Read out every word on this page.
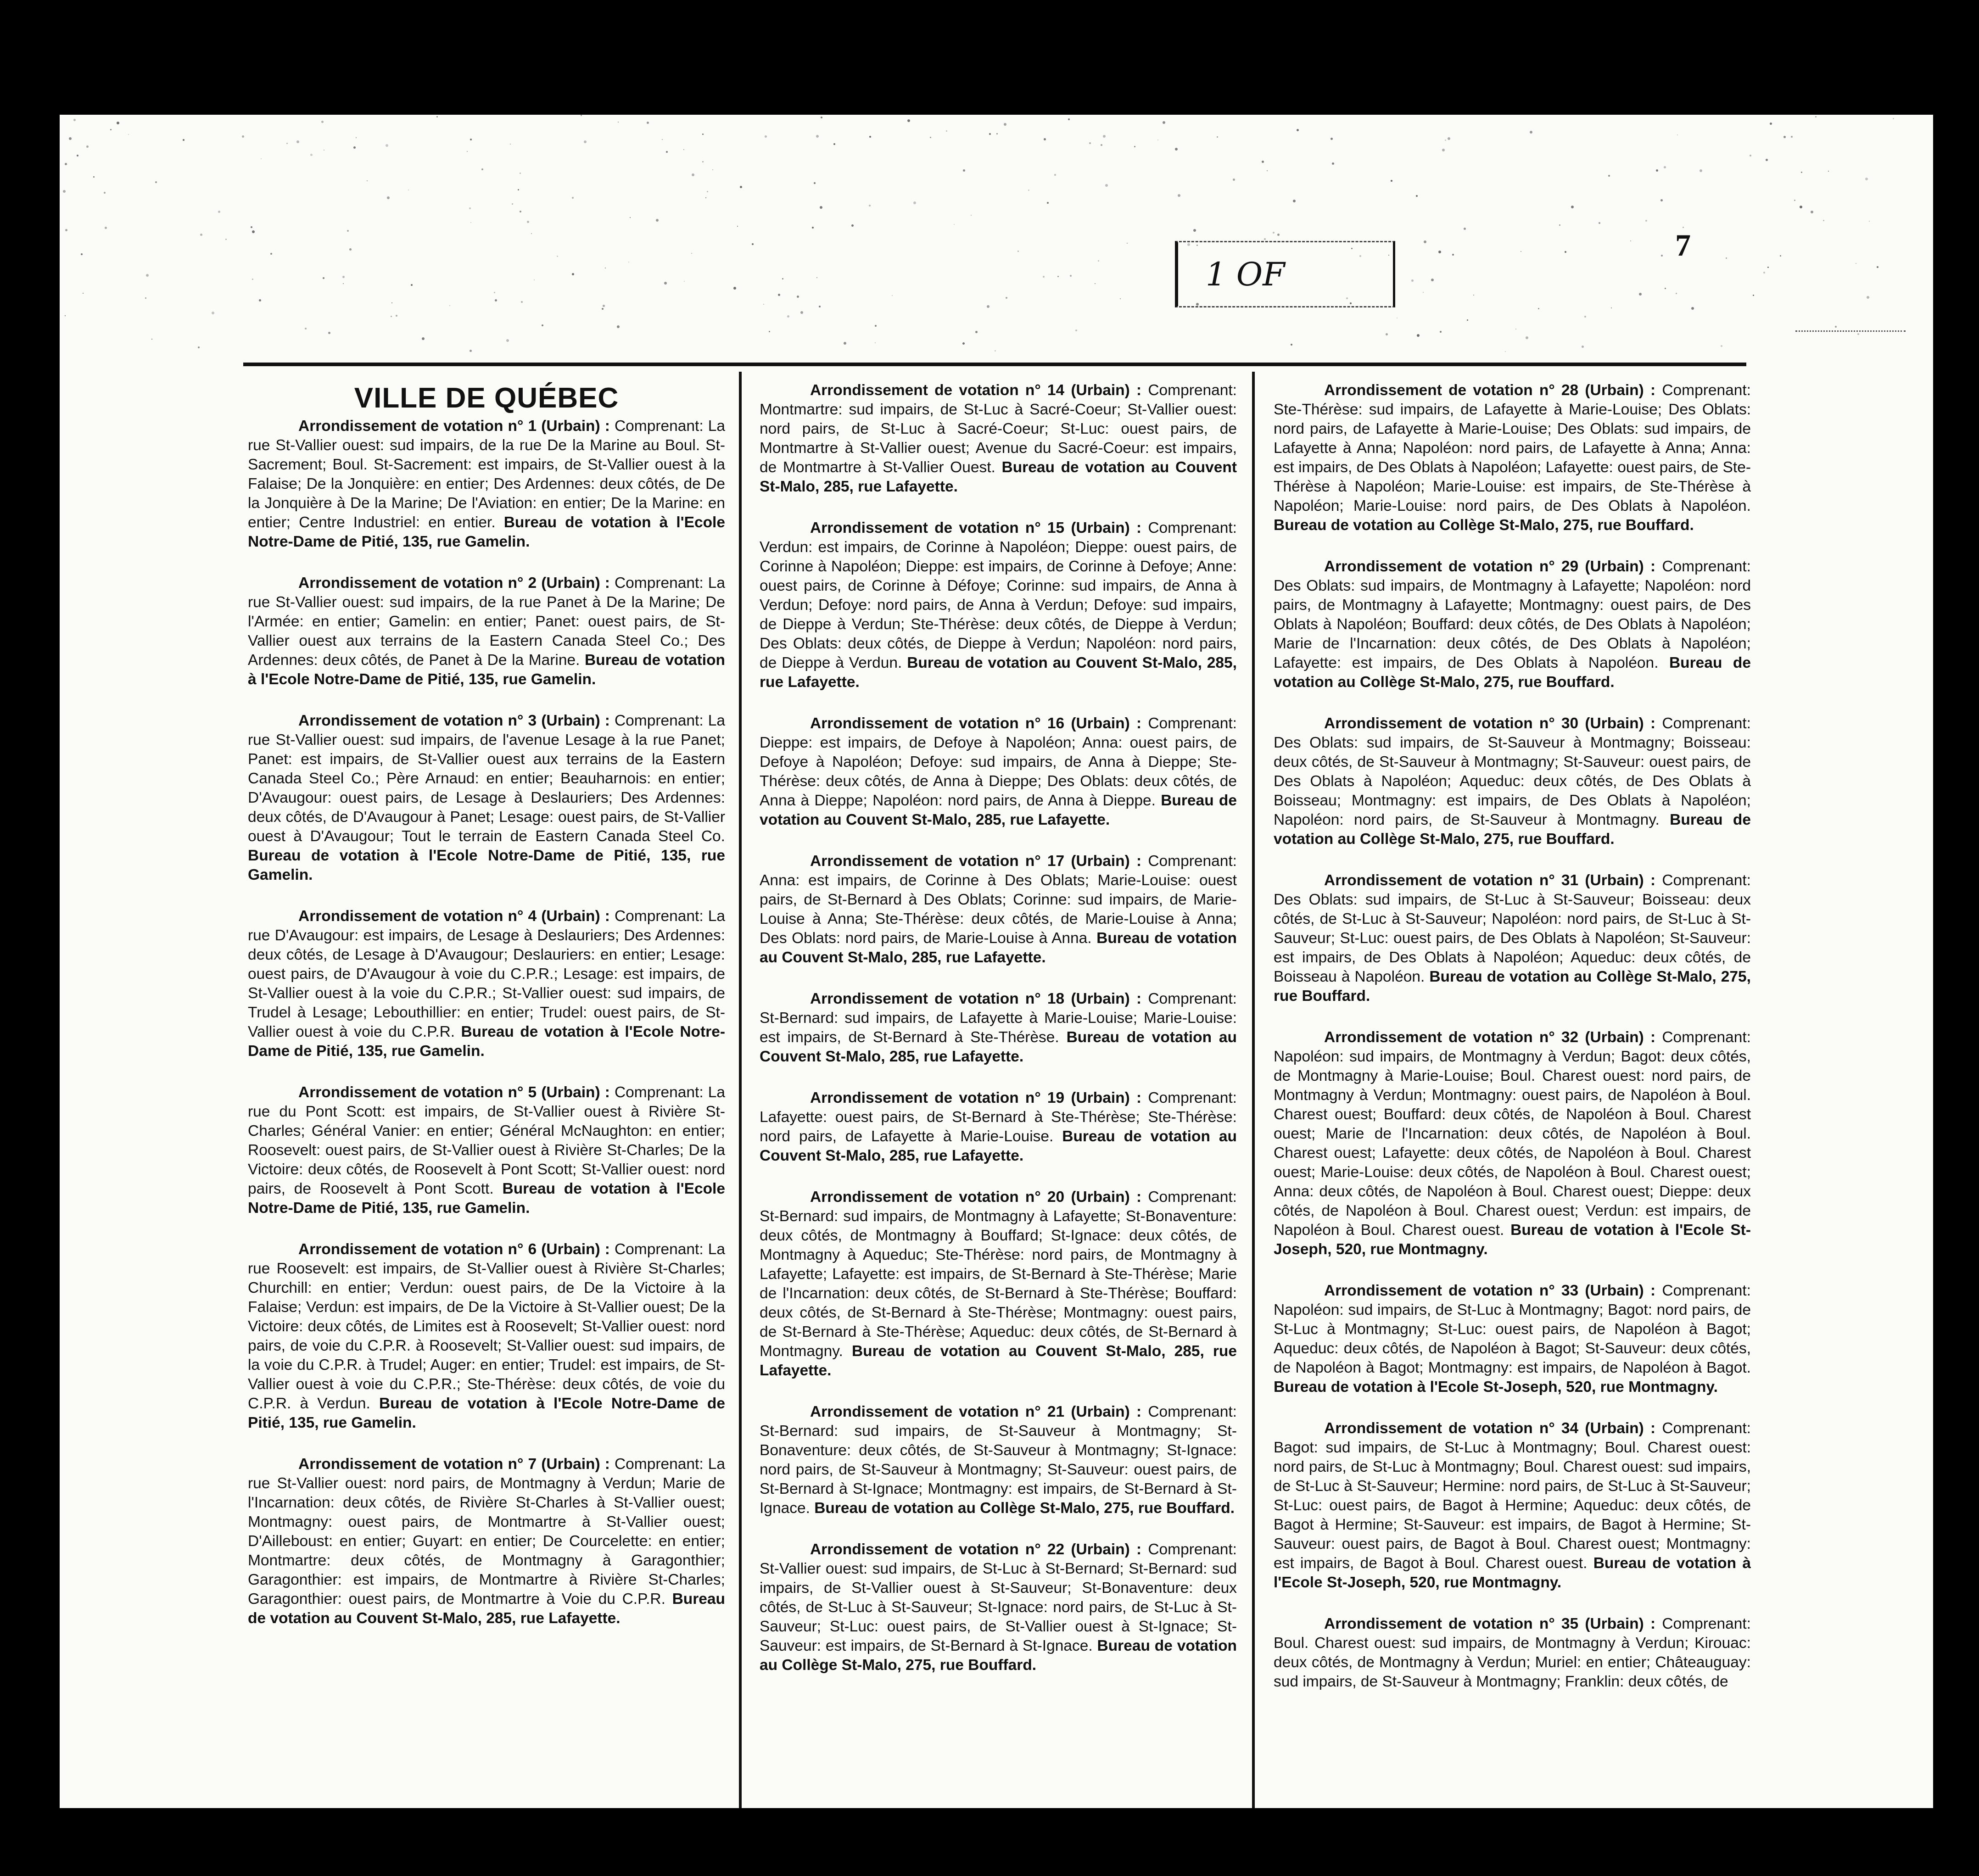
7
1 OF
VILLE DE QUÉBEC

Arrondissement de votation n° 1 (Urbain) : Comprenant: La rue St-Vallier ouest: sud impairs, de la rue De la Marine au Boul. St-Sacrement; Boul. St-Sacrement: est impairs, de St-Vallier ouest à la Falaise; De la Jonquière: en entier; Des Ardennes: deux côtés, de De la Jonquière à De la Marine; De l'Aviation: en entier; De la Marine: en entier; Centre Industriel: en entier. Bureau de votation à l'Ecole Notre-Dame de Pitié, 135, rue Gamelin.

Arrondissement de votation n° 2 (Urbain) : Comprenant: La rue St-Vallier ouest: sud impairs, de la rue Panet à De la Marine; De l'Armée: en entier; Gamelin: en entier; Panet: ouest pairs, de St-Vallier ouest aux terrains de la Eastern Canada Steel Co.; Des Ardennes: deux côtés, de Panet à De la Marine. Bureau de votation à l'Ecole Notre-Dame de Pitié, 135, rue Gamelin.

Arrondissement de votation n° 3 (Urbain) : Comprenant: La rue St-Vallier ouest: sud impairs, de l'avenue Lesage à la rue Panet; Panet: est impairs, de St-Vallier ouest aux terrains de la Eastern Canada Steel Co.; Père Arnaud: en entier; Beauharnois: en entier; D'Avaugour: ouest pairs, de Lesage à Deslauriers; Des Ardennes: deux côtés, de D'Avaugour à Panet; Lesage: ouest pairs, de St-Vallier ouest à D'Avaugour; Tout le terrain de Eastern Canada Steel Co. Bureau de votation à l'Ecole Notre-Dame de Pitié, 135, rue Gamelin.

Arrondissement de votation n° 4 (Urbain) : Comprenant: La rue D'Avaugour: est impairs, de Lesage à Deslauriers; Des Ardennes: deux côtés, de Lesage à D'Avaugour; Deslauriers: en entier; Lesage: ouest pairs, de D'Avaugour à voie du C.P.R.; Lesage: est impairs, de St-Vallier ouest à la voie du C.P.R.; St-Vallier ouest: sud impairs, de Trudel à Lesage; Lebouthillier: en entier; Trudel: ouest pairs, de St-Vallier ouest à voie du C.P.R. Bureau de votation à l'Ecole Notre-Dame de Pitié, 135, rue Gamelin.

Arrondissement de votation n° 5 (Urbain) : Comprenant: La rue du Pont Scott: est impairs, de St-Vallier ouest à Rivière St-Charles; Général Vanier: en entier; Général McNaughton: en entier; Roosevelt: ouest pairs, de St-Vallier ouest à Rivière St-Charles; De la Victoire: deux côtés, de Roosevelt à Pont Scott; St-Vallier ouest: nord pairs, de Roosevelt à Pont Scott. Bureau de votation à l'Ecole Notre-Dame de Pitié, 135, rue Gamelin.

Arrondissement de votation n° 6 (Urbain) : Comprenant: La rue Roosevelt: est impairs, de St-Vallier ouest à Rivière St-Charles; Churchill: en entier; Verdun: ouest pairs, de De la Victoire à la Falaise; Verdun: est impairs, de De la Victoire à St-Vallier ouest; De la Victoire: deux côtés, de Limites est à Roosevelt; St-Vallier ouest: nord pairs, de voie du C.P.R. à Roosevelt; St-Vallier ouest: sud impairs, de la voie du C.P.R. à Trudel; Auger: en entier; Trudel: est impairs, de St-Vallier ouest à voie du C.P.R.; Ste-Thérèse: deux côtés, de voie du C.P.R. à Verdun. Bureau de votation à l'Ecole Notre-Dame de Pitié, 135, rue Gamelin.

Arrondissement de votation n° 7 (Urbain) : Comprenant: La rue St-Vallier ouest: nord pairs, de Montmagny à Verdun; Marie de l'Incarnation: deux côtés, de Rivière St-Charles à St-Vallier ouest; Montmagny: ouest pairs, de Montmartre à St-Vallier ouest; D'Ailleboust: en entier; Guyart: en entier; De Courcelette: en entier; Montmartre: deux côtés, de Montmagny à Garagonthier; Garagonthier: est impairs, de Montmartre à Rivière St-Charles; Garagonthier: ouest pairs, de Montmartre à Voie du C.P.R. Bureau de votation au Couvent St-Malo, 285, rue Lafayette.

Arrondissement de votation n° 14 (Urbain) : Comprenant: Montmartre: sud impairs, de St-Luc à Sacré-Coeur; St-Vallier ouest: nord pairs, de St-Luc à Sacré-Coeur; St-Luc: ouest pairs, de Montmartre à St-Vallier ouest; Avenue du Sacré-Coeur: est impairs, de Montmartre à St-Vallier Ouest. Bureau de votation au Couvent St-Malo, 285, rue Lafayette.

Arrondissement de votation n° 15 (Urbain) : Comprenant: Verdun: est impairs, de Corinne à Napoléon; Dieppe: ouest pairs, de Corinne à Napoléon; Dieppe: est impairs, de Corinne à Defoye; Anne: ouest pairs, de Corinne à Défoye; Corinne: sud impairs, de Anna à Verdun; Defoye: nord pairs, de Anna à Verdun; Defoye: sud impairs, de Dieppe à Verdun; Ste-Thérèse: deux côtés, de Dieppe à Verdun; Des Oblats: deux côtés, de Dieppe à Verdun; Napoléon: nord pairs, de Dieppe à Verdun. Bureau de votation au Couvent St-Malo, 285, rue Lafayette.

Arrondissement de votation n° 16 (Urbain) : Comprenant: Dieppe: est impairs, de Defoye à Napoléon; Anna: ouest pairs, de Defoye à Napoléon; Defoye: sud impairs, de Anna à Dieppe; Ste-Thérèse: deux côtés, de Anna à Dieppe; Des Oblats: deux côtés, de Anna à Dieppe; Napoléon: nord pairs, de Anna à Dieppe. Bureau de votation au Couvent St-Malo, 285, rue Lafayette.

Arrondissement de votation n° 17 (Urbain) : Comprenant: Anna: est impairs, de Corinne à Des Oblats; Marie-Louise: ouest pairs, de St-Bernard à Des Oblats; Corinne: sud impairs, de Marie-Louise à Anna; Ste-Thérèse: deux côtés, de Marie-Louise à Anna; Des Oblats: nord pairs, de Marie-Louise à Anna. Bureau de votation au Couvent St-Malo, 285, rue Lafayette.

Arrondissement de votation n° 18 (Urbain) : Comprenant: St-Bernard: sud impairs, de Lafayette à Marie-Louise; Marie-Louise: est impairs, de St-Bernard à Ste-Thérèse. Bureau de votation au Couvent St-Malo, 285, rue Lafayette.

Arrondissement de votation n° 19 (Urbain) : Comprenant: Lafayette: ouest pairs, de St-Bernard à Ste-Thérèse; Ste-Thérèse: nord pairs, de Lafayette à Marie-Louise. Bureau de votation au Couvent St-Malo, 285, rue Lafayette.

Arrondissement de votation n° 20 (Urbain) : Comprenant: St-Bernard: sud impairs, de Montmagny à Lafayette; St-Bonaventure: deux côtés, de Montmagny à Bouffard; St-Ignace: deux côtés, de Montmagny à Aqueduc; Ste-Thérèse: nord pairs, de Montmagny à Lafayette; Lafayette: est impairs, de St-Bernard à Ste-Thérèse; Marie de l'Incarnation: deux côtés, de St-Bernard à Ste-Thérèse; Bouffard: deux côtés, de St-Bernard à Ste-Thérèse; Montmagny: ouest pairs, de St-Bernard à Ste-Thérèse; Aqueduc: deux côtés, de St-Bernard à Montmagny. Bureau de votation au Couvent St-Malo, 285, rue Lafayette.

Arrondissement de votation n° 21 (Urbain) : Comprenant: St-Bernard: sud impairs, de St-Sauveur à Montmagny; St-Bonaventure: deux côtés, de St-Sauveur à Montmagny; St-Ignace: nord pairs, de St-Sauveur à Montmagny; St-Sauveur: ouest pairs, de St-Bernard à St-Ignace; Montmagny: est impairs, de St-Bernard à St-Ignace. Bureau de votation au Collège St-Malo, 275, rue Bouffard.

Arrondissement de votation n° 22 (Urbain) : Comprenant: St-Vallier ouest: sud impairs, de St-Luc à St-Bernard; St-Bernard: sud impairs, de St-Vallier ouest à St-Sauveur; St-Bonaventure: deux côtés, de St-Luc à St-Sauveur; St-Ignace: nord pairs, de St-Luc à St-Sauveur; St-Luc: ouest pairs, de St-Vallier ouest à St-Ignace; St-Sauveur: est impairs, de St-Bernard à St-Ignace. Bureau de votation au Collège St-Malo, 275, rue Bouffard.

Arrondissement de votation n° 28 (Urbain) : Comprenant: Ste-Thérèse: sud impairs, de Lafayette à Marie-Louise; Des Oblats: nord pairs, de Lafayette à Marie-Louise; Des Oblats: sud impairs, de Lafayette à Anna; Napoléon: nord pairs, de Lafayette à Anna; Anna: est impairs, de Des Oblats à Napoléon; Lafayette: ouest pairs, de Ste-Thérèse à Napoléon; Marie-Louise: est impairs, de Ste-Thérèse à Napoléon; Marie-Louise: nord pairs, de Des Oblats à Napoléon. Bureau de votation au Collège St-Malo, 275, rue Bouffard.

Arrondissement de votation n° 29 (Urbain) : Comprenant: Des Oblats: sud impairs, de Montmagny à Lafayette; Napoléon: nord pairs, de Montmagny à Lafayette; Montmagny: ouest pairs, de Des Oblats à Napoléon; Bouffard: deux côtés, de Des Oblats à Napoléon; Marie de l'Incarnation: deux côtés, de Des Oblats à Napoléon; Lafayette: est impairs, de Des Oblats à Napoléon. Bureau de votation au Collège St-Malo, 275, rue Bouffard.

Arrondissement de votation n° 30 (Urbain) : Comprenant: Des Oblats: sud impairs, de St-Sauveur à Montmagny; Boisseau: deux côtés, de St-Sauveur à Montmagny; St-Sauveur: ouest pairs, de Des Oblats à Napoléon; Aqueduc: deux côtés, de Des Oblats à Boisseau; Montmagny: est impairs, de Des Oblats à Napoléon; Napoléon: nord pairs, de St-Sauveur à Montmagny. Bureau de votation au Collège St-Malo, 275, rue Bouffard.

Arrondissement de votation n° 31 (Urbain) : Comprenant: Des Oblats: sud impairs, de St-Luc à St-Sauveur; Boisseau: deux côtés, de St-Luc à St-Sauveur; Napoléon: nord pairs, de St-Luc à St-Sauveur; St-Luc: ouest pairs, de Des Oblats à Napoléon; St-Sauveur: est impairs, de Des Oblats à Napoléon; Aqueduc: deux côtés, de Boisseau à Napoléon. Bureau de votation au Collège St-Malo, 275, rue Bouffard.

Arrondissement de votation n° 32 (Urbain) : Comprenant: Napoléon: sud impairs, de Montmagny à Verdun; Bagot: deux côtés, de Montmagny à Marie-Louise; Boul. Charest ouest: nord pairs, de Montmagny à Verdun; Montmagny: ouest pairs, de Napoléon à Boul. Charest ouest; Bouffard: deux côtés, de Napoléon à Boul. Charest ouest; Marie de l'Incarnation: deux côtés, de Napoléon à Boul. Charest ouest; Lafayette: deux côtés, de Napoléon à Boul. Charest ouest; Marie-Louise: deux côtés, de Napoléon à Boul. Charest ouest; Anna: deux côtés, de Napoléon à Boul. Charest ouest; Dieppe: deux côtés, de Napoléon à Boul. Charest ouest; Verdun: est impairs, de Napoléon à Boul. Charest ouest. Bureau de votation à l'Ecole St-Joseph, 520, rue Montmagny.

Arrondissement de votation n° 33 (Urbain) : Comprenant: Napoléon: sud impairs, de St-Luc à Montmagny; Bagot: nord pairs, de St-Luc à Montmagny; St-Luc: ouest pairs, de Napoléon à Bagot; Aqueduc: deux côtés, de Napoléon à Bagot; St-Sauveur: deux côtés, de Napoléon à Bagot; Montmagny: est impairs, de Napoléon à Bagot. Bureau de votation à l'Ecole St-Joseph, 520, rue Montmagny.

Arrondissement de votation n° 34 (Urbain) : Comprenant: Bagot: sud impairs, de St-Luc à Montmagny; Boul. Charest ouest: nord pairs, de St-Luc à Montmagny; Boul. Charest ouest: sud impairs, de St-Luc à St-Sauveur; Hermine: nord pairs, de St-Luc à St-Sauveur; St-Luc: ouest pairs, de Bagot à Hermine; Aqueduc: deux côtés, de Bagot à Hermine; St-Sauveur: est impairs, de Bagot à Hermine; St-Sauveur: ouest pairs, de Bagot à Boul. Charest ouest; Montmagny: est impairs, de Bagot à Boul. Charest ouest. Bureau de votation à l'Ecole St-Joseph, 520, rue Montmagny.

Arrondissement de votation n° 35 (Urbain) : Comprenant: Boul. Charest ouest: sud impairs, de Montmagny à Verdun; Kirouac: deux côtés, de Montmagny à Verdun; Muriel: en entier; Châteauguay: sud impairs, de St-Sauveur à Montmagny; Franklin: deux côtés, de
